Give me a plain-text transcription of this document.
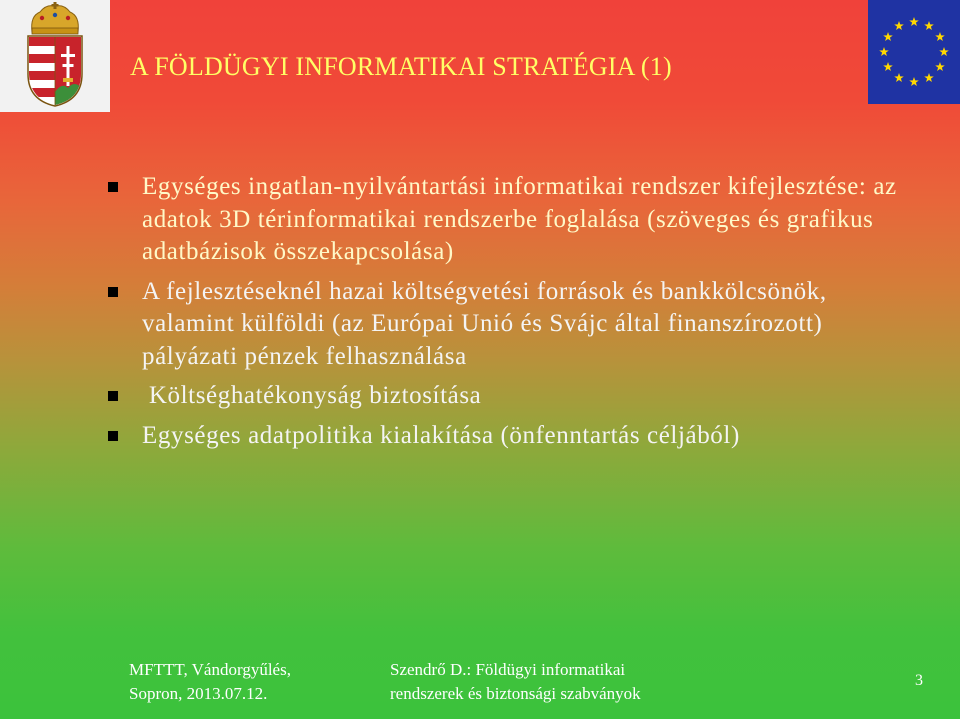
A FÖLDÜGYI INFORMATIKAI STRATÉGIA (1)
Egységes ingatlan-nyilvántartási informatikai rendszer kifejlesztése: az adatok 3D térinformatikai rendszerbe foglalása (szöveges és grafikus adatbázisok összekapcsolása)
A fejlesztéseknél hazai költségvetési források és bankkölcsönök, valamint külföldi (az Európai Unió és Svájc által finanszírozott) pályázati pénzek felhasználása
Költséghatékonyság biztosítása
Egységes adatpolitika kialakítása (önfenntartás céljából)
MFTTT, Vándorgyűlés,
Sopron, 2013.07.12.
Szendrő D.: Földügyi informatikai
rendszerek és biztonsági szabványok
3
